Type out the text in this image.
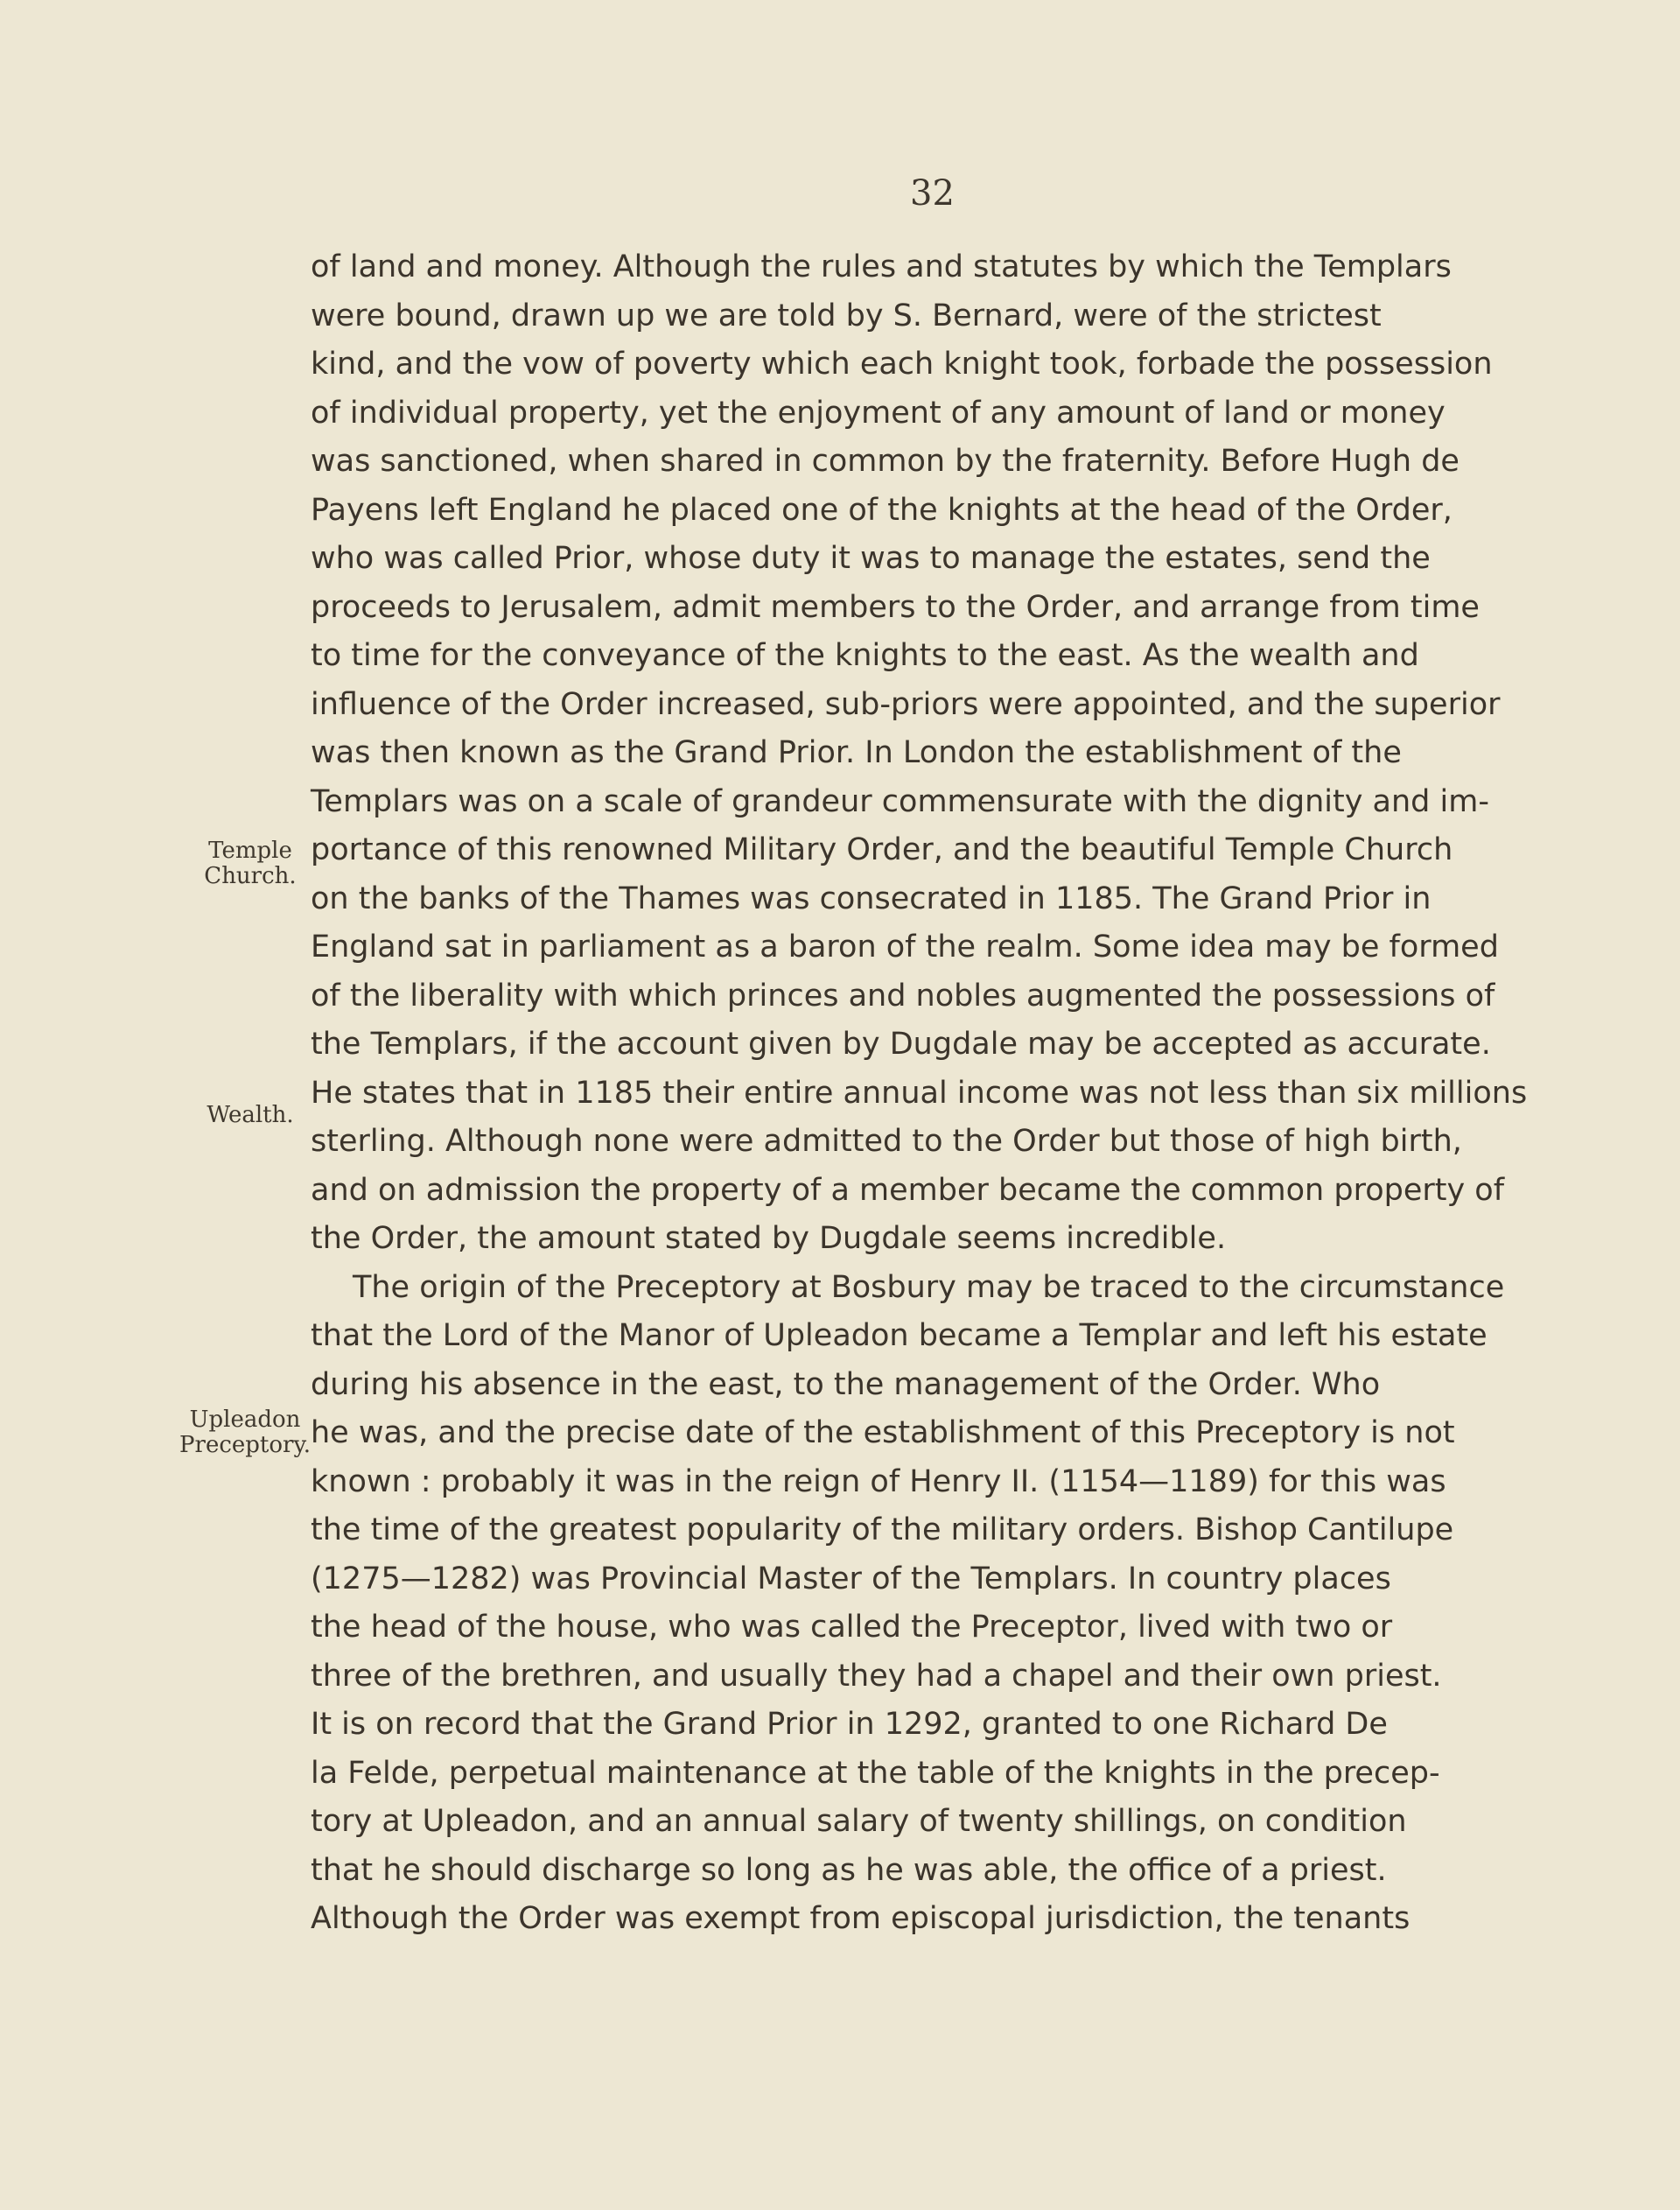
32
Temple
Church.
Wealth.
Upleadon
Preceptory.
of land and money. Although the rules and statutes by which the Templars
were bound, drawn up we are told by S. Bernard, were of the strictest
kind, and the vow of poverty which each knight took, forbade the possession
of individual property, yet the enjoyment of any amount of land or money
was sanctioned, when shared in common by the fraternity. Before Hugh de
Payens left England he placed one of the knights at the head of the Order,
who was called Prior, whose duty it was to manage the estates, send the
proceeds to Jerusalem, admit members to the Order, and arrange from time
to time for the conveyance of the knights to the east. As the wealth and
influence of the Order increased, sub-priors were appointed, and the superior
was then known as the Grand Prior. In London the establishment of the
Templars was on a scale of grandeur commensurate with the dignity and im-
portance of this renowned Military Order, and the beautiful Temple Church
on the banks of the Thames was consecrated in 1185. The Grand Prior in
England sat in parliament as a baron of the realm. Some idea may be formed
of the liberality with which princes and nobles augmented the possessions of
the Templars, if the account given by Dugdale may be accepted as accurate.
He states that in 1185 their entire annual income was not less than six millions
sterling. Although none were admitted to the Order but those of high birth,
and on admission the property of a member became the common property of
the Order, the amount stated by Dugdale seems incredible.
The origin of the Preceptory at Bosbury may be traced to the circumstance
that the Lord of the Manor of Upleadon became a Templar and left his estate
during his absence in the east, to the management of the Order. Who
he was, and the precise date of the establishment of this Preceptory is not
known : probably it was in the reign of Henry II. (1154—1189) for this was
the time of the greatest popularity of the military orders. Bishop Cantilupe
(1275—1282) was Provincial Master of the Templars. In country places
the head of the house, who was called the Preceptor, lived with two or
three of the brethren, and usually they had a chapel and their own priest.
It is on record that the Grand Prior in 1292, granted to one Richard De
la Felde, perpetual maintenance at the table of the knights in the precep-
tory at Upleadon, and an annual salary of twenty shillings, on condition
that he should discharge so long as he was able, the office of a priest.
Although the Order was exempt from episcopal jurisdiction, the tenants
